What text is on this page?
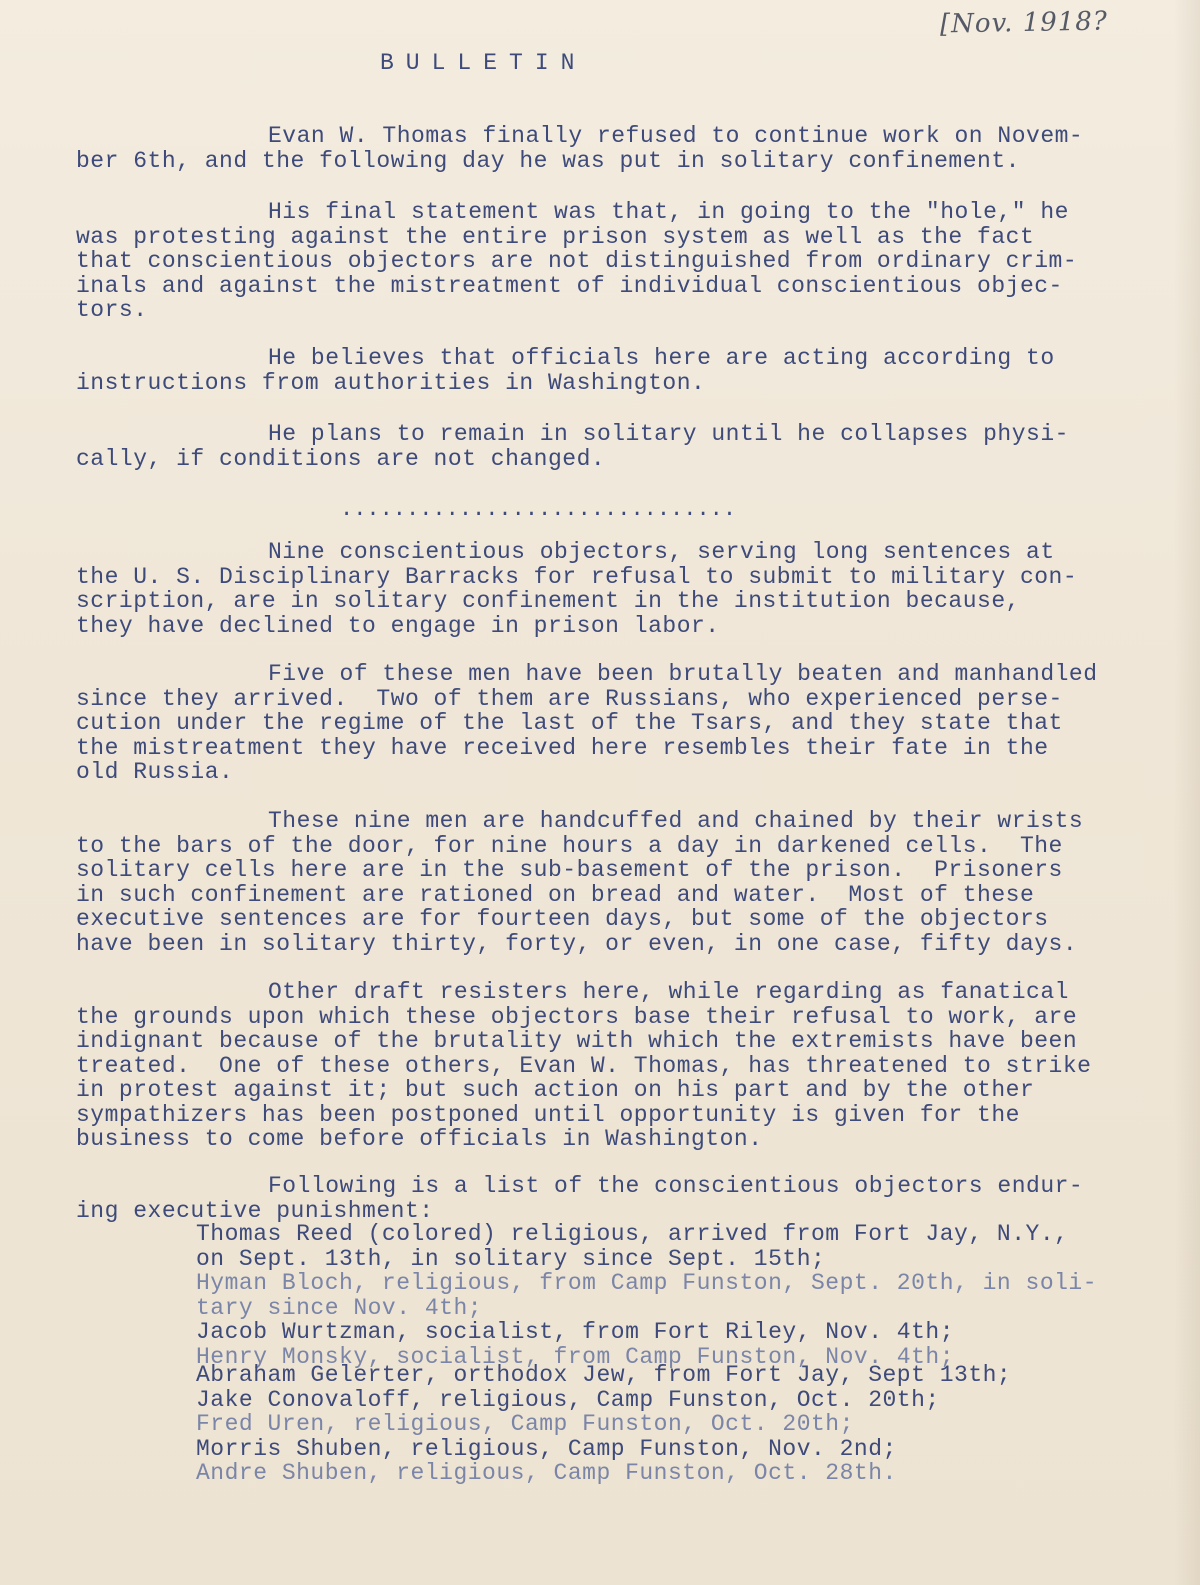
[Nov. 1918?
BULLETIN
Evan W. Thomas finally refused to continue work on Novem-
ber 6th, and the following day he was put in solitary confinement.
His final statement was that, in going to the "hole," he
was protesting against the entire prison system as well as the fact
that conscientious objectors are not distinguished from ordinary crim-
inals and against the mistreatment of individual conscientious objec-
tors.
He believes that officials here are acting according to
instructions from authorities in Washington.
He plans to remain in solitary until he collapses physi-
cally, if conditions are not changed.
..............................
Nine conscientious objectors, serving long sentences at
the U. S. Disciplinary Barracks for refusal to submit to military con-
scription, are in solitary confinement in the institution because,
they have declined to engage in prison labor.
Five of these men have been brutally beaten and manhandled
since they arrived.  Two of them are Russians, who experienced perse-
cution under the regime of the last of the Tsars, and they state that
the mistreatment they have received here resembles their fate in the
old Russia.
These nine men are handcuffed and chained by their wrists
to the bars of the door, for nine hours a day in darkened cells.  The
solitary cells here are in the sub-basement of the prison.  Prisoners
in such confinement are rationed on bread and water.  Most of these
executive sentences are for fourteen days, but some of the objectors
have been in solitary thirty, forty, or even, in one case, fifty days.
Other draft resisters here, while regarding as fanatical
the grounds upon which these objectors base their refusal to work, are
indignant because of the brutality with which the extremists have been
treated.  One of these others, Evan W. Thomas, has threatened to strike
in protest against it; but such action on his part and by the other
sympathizers has been postponed until opportunity is given for the
business to come before officials in Washington.
Following is a list of the conscientious objectors endur-
ing executive punishment:
Thomas Reed (colored) religious, arrived from Fort Jay, N.Y.,
on Sept. 13th, in solitary since Sept. 15th;
Hyman Bloch, religious, from Camp Funston, Sept. 20th, in soli-
tary since Nov. 4th;
Jacob Wurtzman, socialist, from Fort Riley, Nov. 4th;
Henry Monsky, socialist, from Camp Funston, Nov. 4th;
Abraham Gelerter, orthodox Jew, from Fort Jay, Sept 13th;
Jake Conovaloff, religious, Camp Funston, Oct. 20th;
Fred Uren, religious, Camp Funston, Oct. 20th;
Morris Shuben, religious, Camp Funston, Nov. 2nd;
Andre Shuben, religious, Camp Funston, Oct. 28th.
